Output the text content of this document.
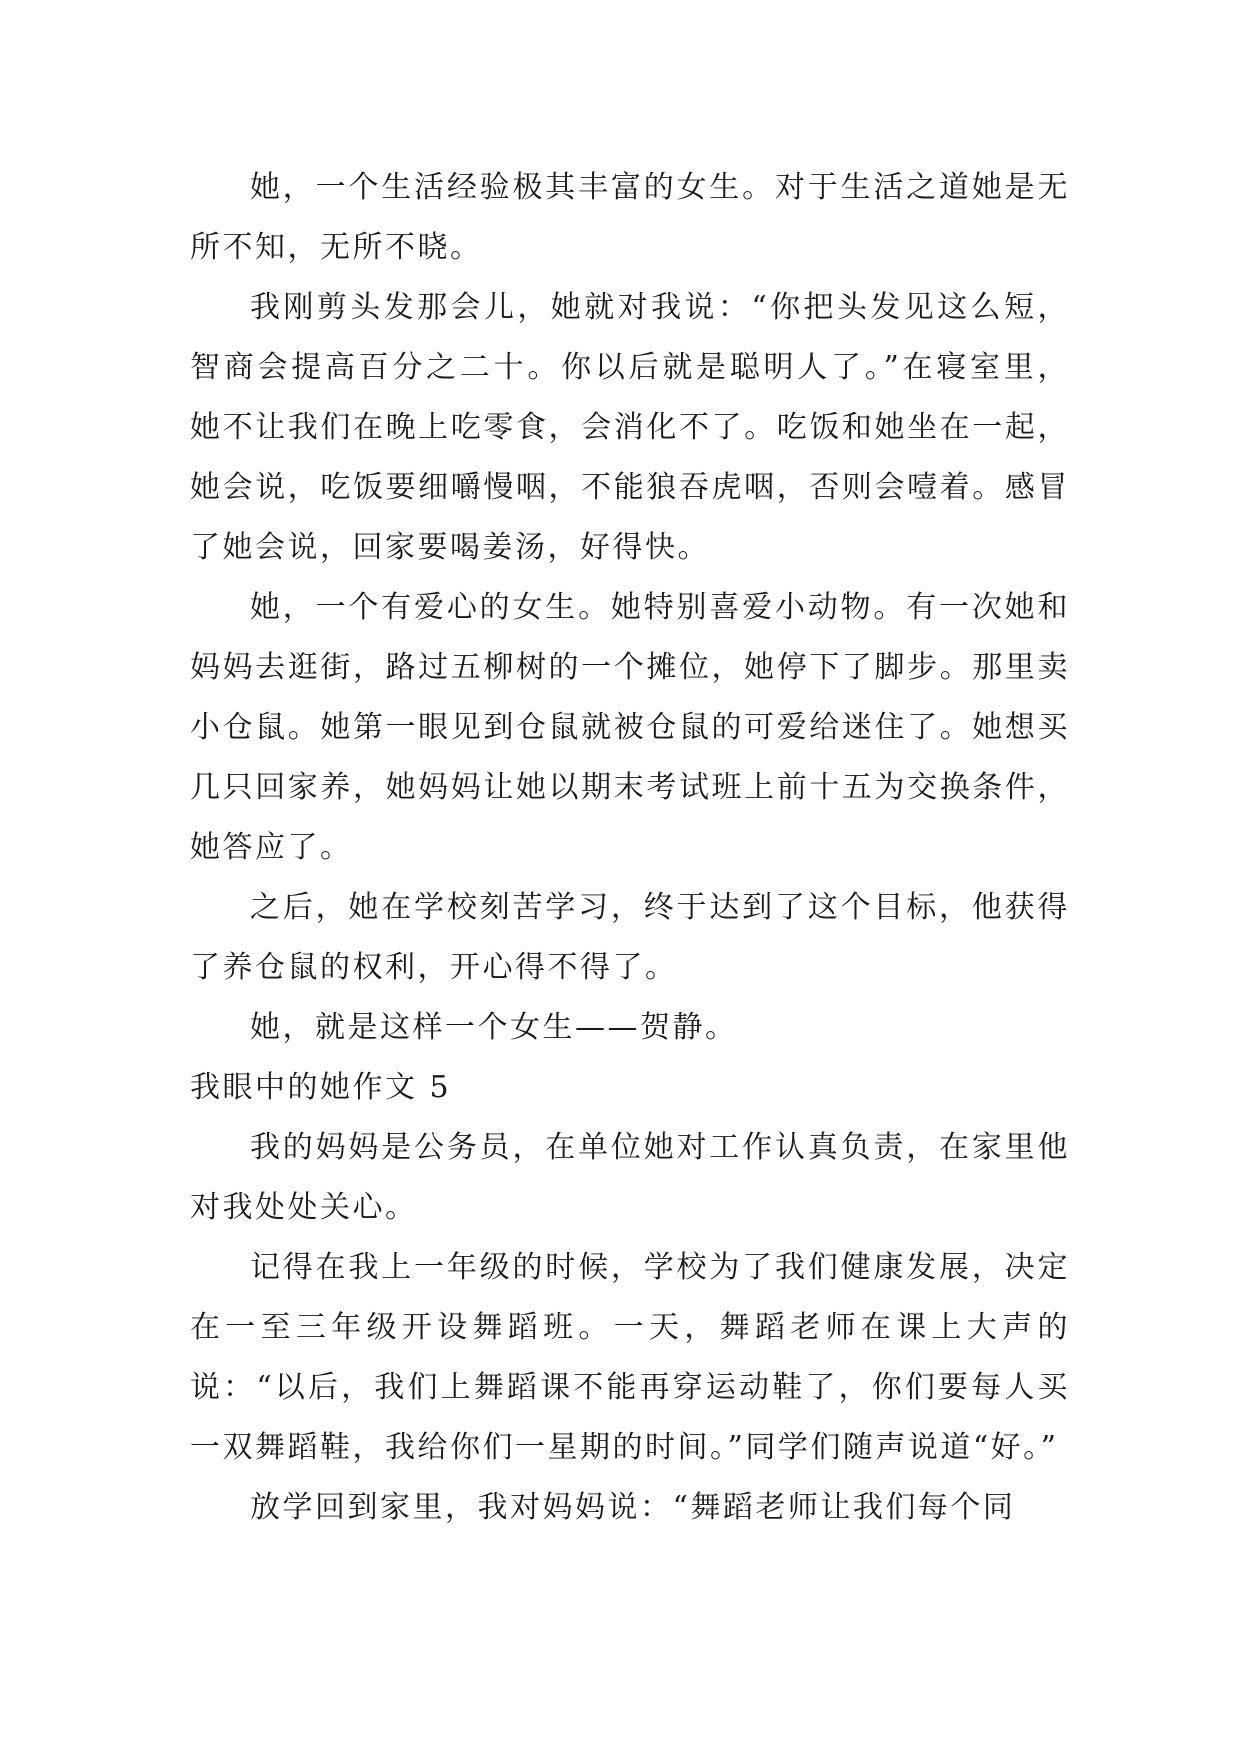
她，一个生活经验极其丰富的女生。对于生活之道她是无所不知，无所不晓。

我刚剪头发那会儿，她就对我说：“你把头发见这么短，智商会提高百分之二十。你以后就是聪明人了。”在寝室里，她不让我们在晚上吃零食，会消化不了。吃饭和她坐在一起，她会说，吃饭要细嚼慢咽，不能狼吞虎咽，否则会噎着。感冒了她会说，回家要喝姜汤，好得快。

她，一个有爱心的女生。她特别喜爱小动物。有一次她和妈妈去逛街，路过五柳树的一个摊位，她停下了脚步。那里卖小仓鼠。她第一眼见到仓鼠就被仓鼠的可爱给迷住了。她想买几只回家养，她妈妈让她以期末考试班上前十五为交换条件，她答应了。

之后，她在学校刻苦学习，终于达到了这个目标，他获得了养仓鼠的权利，开心得不得了。

她，就是这样一个女生——贺静。

我眼中的她作文 5

我的妈妈是公务员，在单位她对工作认真负责，在家里他对我处处关心。

记得在我上一年级的时候，学校为了我们健康发展，决定在一至三年级开设舞蹈班。一天，舞蹈老师在课上大声的说：“以后，我们上舞蹈课不能再穿运动鞋了，你们要每人买一双舞蹈鞋，我给你们一星期的时间。”同学们随声说道“好。”

放学回到家里，我对妈妈说：“舞蹈老师让我们每个同
